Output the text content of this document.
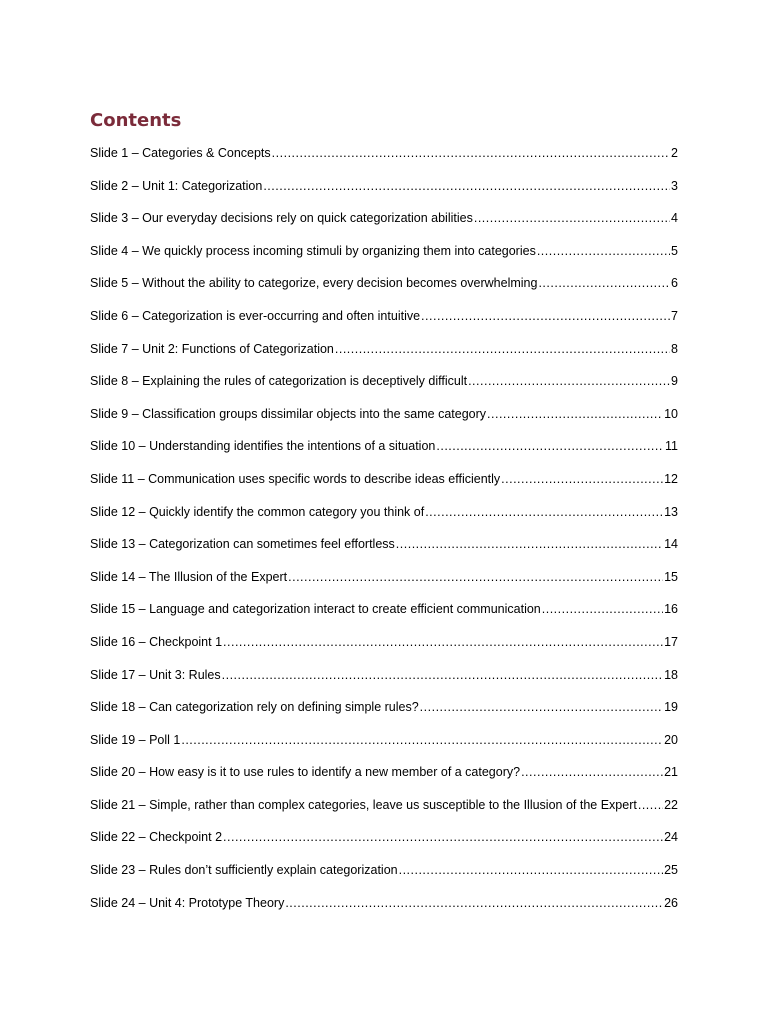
Contents
Slide 1 – Categories & Concepts .....	2
Slide 2 – Unit 1: Categorization .....	3
Slide 3 – Our everyday decisions rely on quick categorization abilities .....	4
Slide 4 – We quickly process incoming stimuli by organizing them into categories .....	5
Slide 5 – Without the ability to categorize, every decision becomes overwhelming .....	6
Slide 6 – Categorization is ever-occurring and often intuitive .....	7
Slide 7 – Unit 2: Functions of Categorization .....	8
Slide 8 – Explaining the rules of categorization is deceptively difficult .....	9
Slide 9 – Classification groups dissimilar objects into the same category .....	10
Slide 10 – Understanding identifies the intentions of a situation .....	11
Slide 11 – Communication uses specific words to describe ideas efficiently .....	12
Slide 12 – Quickly identify the common category you think of .....	13
Slide 13 – Categorization can sometimes feel effortless .....	14
Slide 14 – The Illusion of the Expert .....	15
Slide 15 – Language and categorization interact to create efficient communication .....	16
Slide 16 – Checkpoint 1 .....	17
Slide 17 – Unit 3: Rules .....	18
Slide 18 – Can categorization rely on defining simple rules? .....	19
Slide 19 – Poll 1 .....	20
Slide 20 – How easy is it to use rules to identify a new member of a category? .....	21
Slide 21 – Simple, rather than complex categories, leave us susceptible to the Illusion of the Expert ..... 22
Slide 22 – Checkpoint 2 .....	24
Slide 23 – Rules don’t sufficiently explain categorization .....	25
Slide 24 – Unit 4: Prototype Theory .....	26
